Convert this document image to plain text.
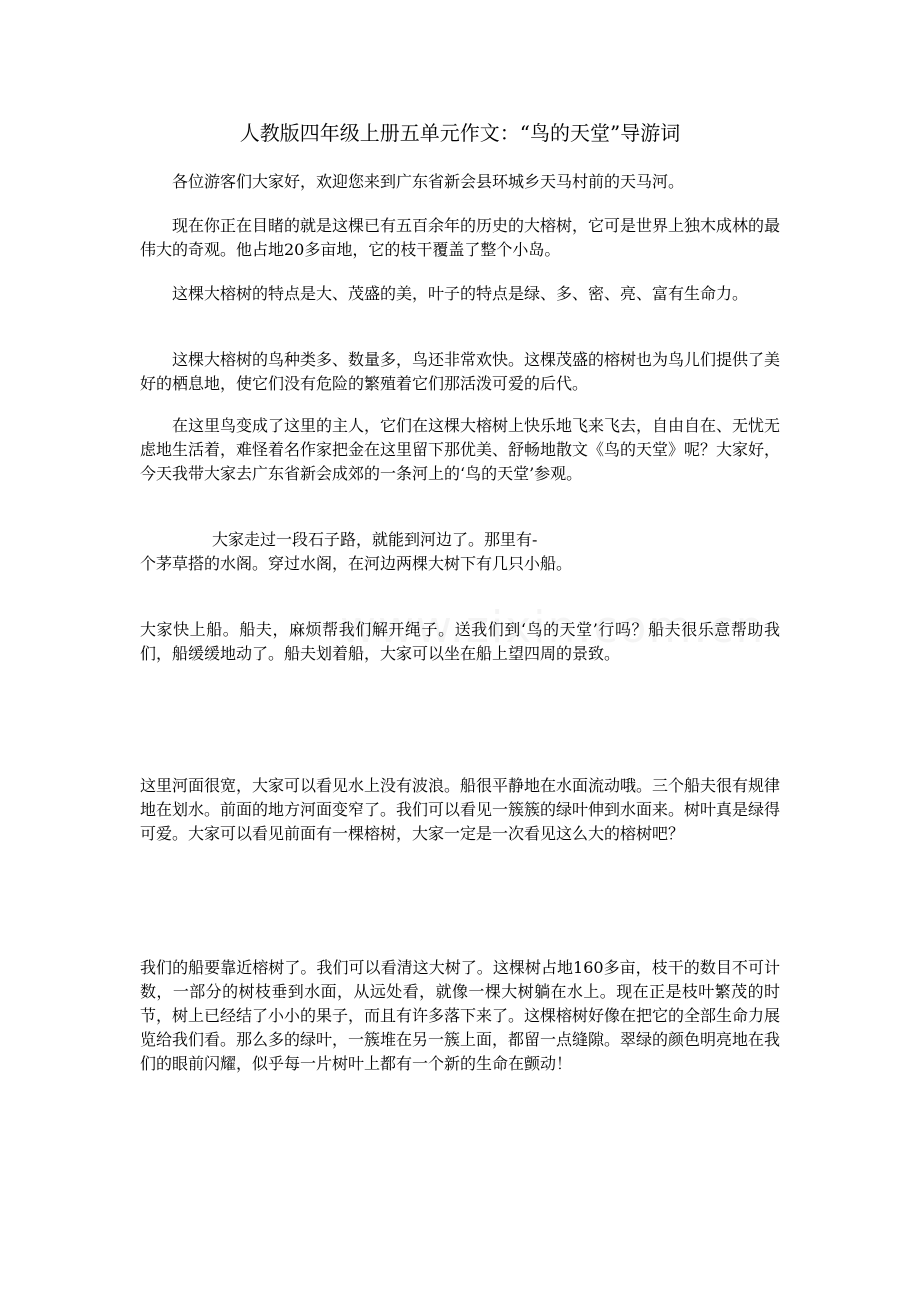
人教版四年级上册五单元作文：“鸟的天堂”导游词

各位游客们大家好，欢迎您来到广东省新会县环城乡天马村前的天马河。

现在你正在目睹的就是这棵已有五百余年的历史的大榕树，它可是世界上独木成林的最伟大的奇观。他占地20多亩地，它的枝干覆盖了整个小岛。

这棵大榕树的特点是大、茂盛的美，叶子的特点是绿、多、密、亮、富有生命力。

这棵大榕树的鸟种类多、数量多，鸟还非常欢快。这棵茂盛的榕树也为鸟儿们提供了美好的栖息地，使它们没有危险的繁殖着它们那活泼可爱的后代。

在这里鸟变成了这里的主人，它们在这棵大榕树上快乐地飞来飞去，自由自在、无忧无虑地生活着，难怪着名作家把金在这里留下那优美、舒畅地散文《鸟的天堂》呢？大家好，今天我带大家去广东省新会成郊的一条河上的‘鸟的天堂’参观。

大家走过一段石子路，就能到河边了。那里有-
个茅草搭的水阁。穿过水阁，在河边两棵大树下有几只小船。

大家快上船。船夫，麻烦帮我们解开绳子。送我们到‘鸟的天堂’行吗？船夫很乐意帮助我们，船缓缓地动了。船夫划着船，大家可以坐在船上望四周的景致。

这里河面很宽，大家可以看见水上没有波浪。船很平静地在水面流动哦。三个船夫很有规律地在划水。前面的地方河面变窄了。我们可以看见一簇簇的绿叶伸到水面来。树叶真是绿得可爱。大家可以看见前面有一棵榕树，大家一定是一次看见这么大的榕树吧？

我们的船要靠近榕树了。我们可以看清这大树了。这棵树占地160多亩，枝干的数目不可计数，一部分的树枝垂到水面，从远处看，就像一棵大树躺在水上。现在正是枝叶繁茂的时节，树上已经结了小小的果子，而且有许多落下来了。这棵榕树好像在把它的全部生命力展览给我们看。那么多的绿叶，一簇堆在另一簇上面，都留一点缝隙。翠绿的颜色明亮地在我们的眼前闪耀，似乎每一片树叶上都有一个新的生命在颤动！
